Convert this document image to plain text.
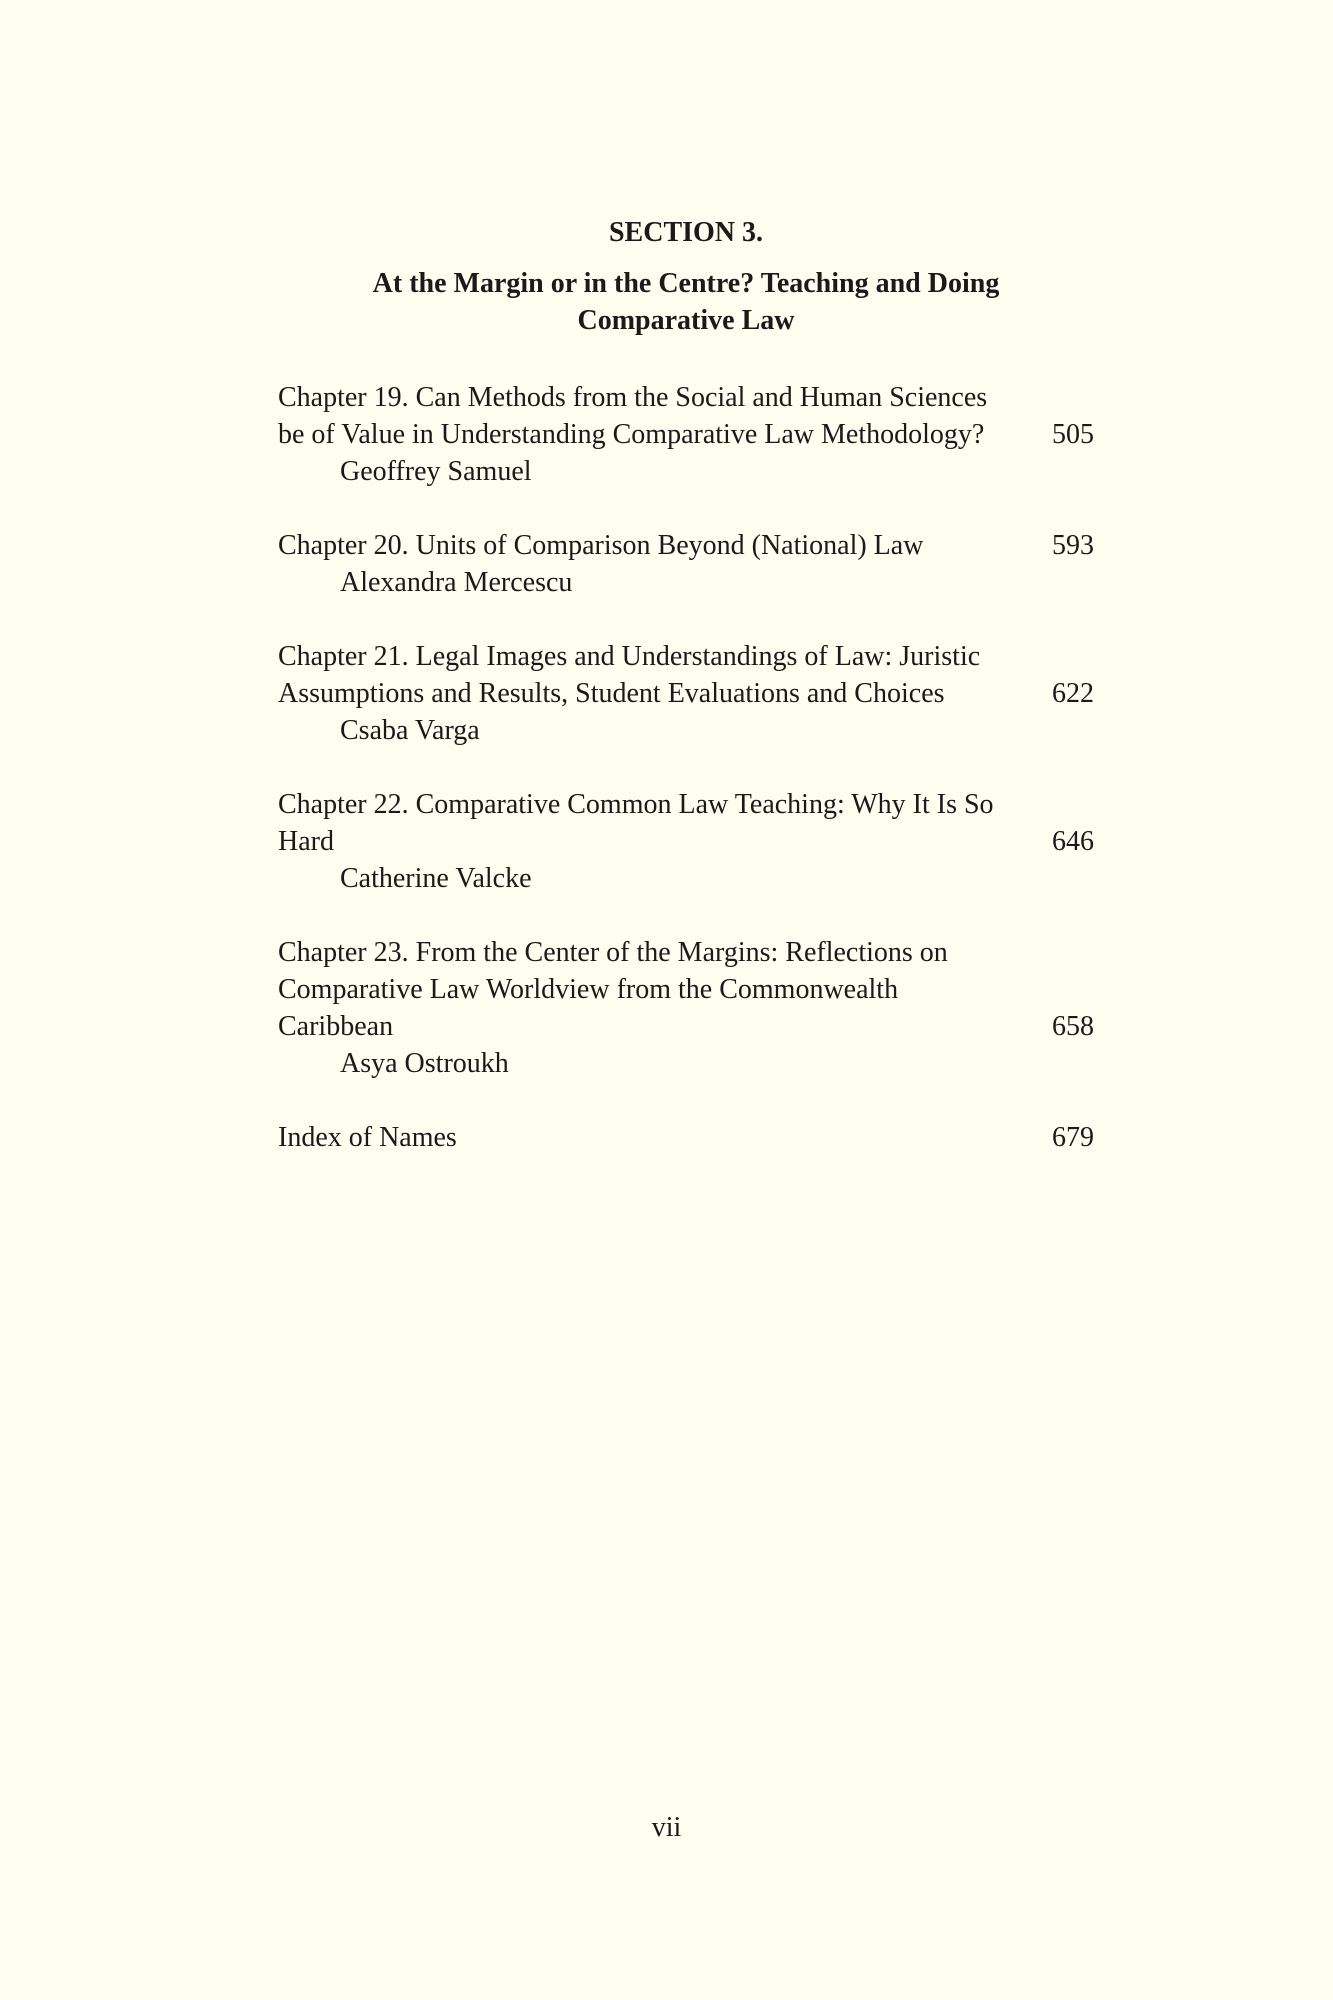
SECTION 3.

At the Margin or in the Centre? Teaching and Doing Comparative Law

Chapter 19. Can Methods from the Social and Human Sciences be of Value in Understanding Comparative Law Methodology?	505
Geoffrey Samuel
Chapter 20. Units of Comparison Beyond (National) Law	593
Alexandra Mercescu
Chapter 21. Legal Images and Understandings of Law: Juristic Assumptions and Results, Student Evaluations and Choices	622
Csaba Varga
Chapter 22. Comparative Common Law Teaching: Why It Is So Hard	646
Catherine Valcke
Chapter 23. From the Center of the Margins: Reflections on Comparative Law Worldview from the Commonwealth Caribbean	658
Asya Ostroukh
Index of Names	679
vii
